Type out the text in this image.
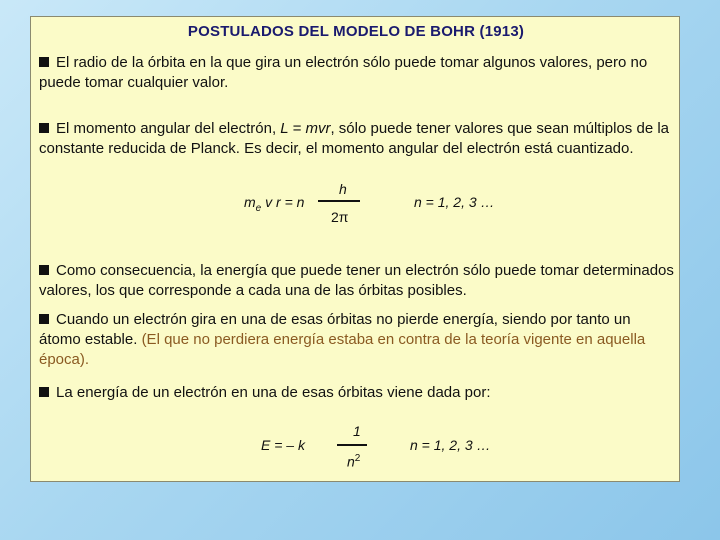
POSTULADOS DEL MODELO DE BOHR (1913)
El radio de la órbita en la que gira un electrón sólo puede tomar algunos valores, pero no puede tomar cualquier valor.
El momento angular del electrón, L = mvr, sólo puede tener valores que sean múltiplos de la constante reducida de Planck. Es decir, el momento angular del electrón está cuantizado.
$m_e$ v r = n
h
2π
n = 1, 2, 3 …
Como consecuencia, la energía que puede tener un electrón sólo puede tomar determinados valores, los que corresponde a cada una de las órbitas posibles.
Cuando un electrón gira en una de esas órbitas no pierde energía, siendo por tanto un átomo estable. (El que no perdiera energía estaba en contra de la teoría vigente en aquella época).
La energía de un electrón en una de esas órbitas viene dada por:
E = – k
1
$n^2$
n = 1, 2, 3 …
